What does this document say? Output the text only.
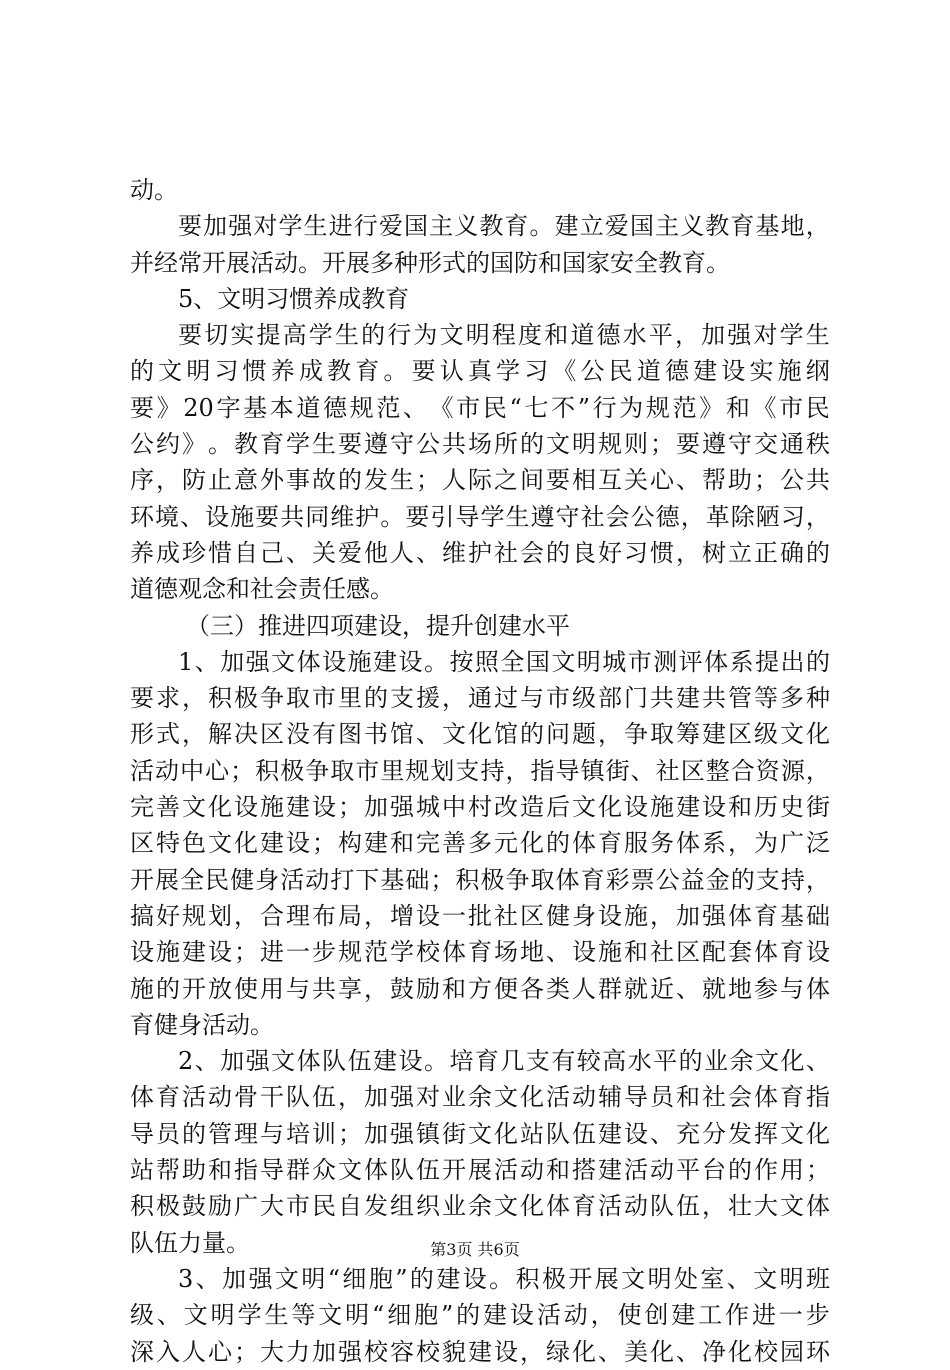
动。
要 加 强 对 学 生 进 行 爱 国 主 义 教 育 。 建 立 爱 国 主 义 教 育 基 地 ，
并经常开展活动。开展多种形式的国防和国家安全教育。
5、文明习惯养成教育
要 切 实 提 高 学 生 的 行 为 文 明 程 度 和 道 德 水 平 ， 加 强 对 学 生
的 文 明 习 惯 养 成 教 育 。 要 认 真 学 习 《 公 民 道 德 建 设 实 施 纲
要 》 20 字 基 本 道 德 规 范 、 《 市 民 “ 七 不 ” 行 为 规 范 》 和 《 市 民
公 约 》 。 教 育 学 生 要 遵 守 公 共 场 所 的 文 明 规 则 ； 要 遵 守 交 通 秩
序 ， 防 止 意 外 事 故 的 发 生 ； 人 际 之 间 要 相 互 关 心 、 帮 助 ； 公 共
环 境 、 设 施 要 共 同 维 护 。 要 引 导 学 生 遵 守 社 会 公 德 ， 革 除 陋 习 ，
养 成 珍 惜 自 己 、 关 爱 他 人 、 维 护 社 会 的 良 好 习 惯 ， 树 立 正 确 的
道德观念和社会责任感。
（三）推进四项建设，提升创建水平
1 、 加 强 文 体 设 施 建 设 。 按 照 全 国 文 明 城 市 测 评 体 系 提 出 的
要 求 ， 积 极 争 取 市 里 的 支 援 ， 通 过 与 市 级 部 门 共 建 共 管 等 多 种
形 式 ， 解 决 区 没 有 图 书 馆 、 文 化 馆 的 问 题 ， 争 取 筹 建 区 级 文 化
活 动 中 心 ； 积 极 争 取 市 里 规 划 支 持 ， 指 导 镇 街 、 社 区 整 合 资 源 ，
完 善 文 化 设 施 建 设 ； 加 强 城 中 村 改 造 后 文 化 设 施 建 设 和 历 史 街
区 特 色 文 化 建 设 ； 构 建 和 完 善 多 元 化 的 体 育 服 务 体 系 ， 为 广 泛
开 展 全 民 健 身 活 动 打 下 基 础 ； 积 极 争 取 体 育 彩 票 公 益 金 的 支 持 ，
搞 好 规 划 ， 合 理 布 局 ， 增 设 一 批 社 区 健 身 设 施 ， 加 强 体 育 基 础
设 施 建 设 ； 进 一 步 规 范 学 校 体 育 场 地 、 设 施 和 社 区 配 套 体 育 设
施 的 开 放 使 用 与 共 享 ， 鼓 励 和 方 便 各 类 人 群 就 近 、 就 地 参 与 体
育健身活动。
2 、 加 强 文 体 队 伍 建 设 。 培 育 几 支 有 较 高 水 平 的 业 余 文 化 、
体 育 活 动 骨 干 队 伍 ， 加 强 对 业 余 文 化 活 动 辅 导 员 和 社 会 体 育 指
导 员 的 管 理 与 培 训 ； 加 强 镇 街 文 化 站 队 伍 建 设 、 充 分 发 挥 文 化
站 帮 助 和 指 导 群 众 文 体 队 伍 开 展 活 动 和 搭 建 活 动 平 台 的 作 用 ；
积 极 鼓 励 广 大 市 民 自 发 组 织 业 余 文 化 体 育 活 动 队 伍 ， 壮 大 文 体
队伍力量。
3 、 加 强 文 明 “ 细 胞 ” 的 建 设 。 积 极 开 展 文 明 处 室 、 文 明 班
级 、 文 明 学 生 等 文 明 “ 细 胞 ” 的 建 设 活 动 ， 使 创 建 工 作 进 一 步
深 入 人 心 ； 大 力 加 强 校 容 校 貌 建 设 ， 绿 化 、 美 化 、 净 化 校 园 环
第3页 共6页
